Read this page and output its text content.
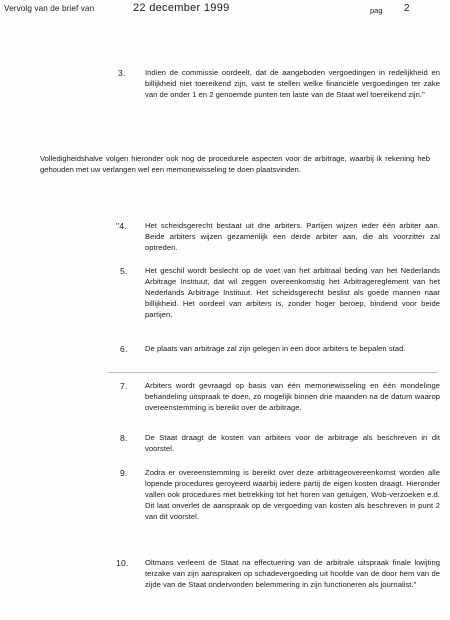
Vervolg van de brief van	22 december 1999	pag 2
3.	Indien de commissie oordeelt, dat de aangeboden vergoedingen in redelijkheid en billijkheid niet toereikend zijn, vast te stellen welke financiële vergoedingen ter zake van de onder 1 en 2 genoemde punten ten laste van de Staat wel toereikend zijn."
Volledigheidshalve volgen hieronder ook nog de procedurele aspecten voor de arbitrage, waarbij ik rekening heb gehouden met uw verlangen wel een memoriewisseling te doen plaatsvinden.
"4. Het scheidsgerecht bestaat uit drie arbiters. Partijen wijzen ieder één arbiter aan. Beide arbiters wijzen gezamenlijk een derde arbiter aan, die als voorzitter zal optreden.
5. Het geschil wordt beslecht op de voet van het arbitraal beding van het Nederlands Arbitrage Instituut, dat wil zeggen overeenkomstig het Arbitragereglement van het Nederlands Arbitrage Instituut. Het scheidsgerecht beslist als goede mannen naar billijkheid. Het oordeel van arbiters is, zonder hoger beroep, bindend voor beide partijen.
6. De plaats van arbitrage zal zijn gelegen in een door arbiters te bepalen stad.
7. Arbiters wordt gevraagd op basis van één memoriewisseling en één mondelinge behandeling uitspraak te doen, zo mogelijk binnen drie maanden na de datum waarop overeenstemming is bereikt over de arbitrage.
8. De Staat draagt de kosten van arbiters voor de arbitrage als beschreven in dit voorstel.
9. Zodra er overeenstemming is bereikt over deze arbitrageovereenkomst worden alle lopende procedures geroyeerd waarbij iedere partij de eigen kosten draagt. Hieronder vallen ook procedures met betrekking tot het horen van getuigen, Wob-verzoeken e.d. Dit laat onverlet de aanspraak op de vergoeding van kosten als beschreven in punt 2 van dit voorstel.
10. Oltmans verleent de Staat na effectuering van de arbitrale uitspraak finale kwijting terzake van zijn aanspraken op schadevergoeding uit hoofde van de door hem van de zijde van de Staat ondervonden belemmering in zijn functioneren als journalist."
